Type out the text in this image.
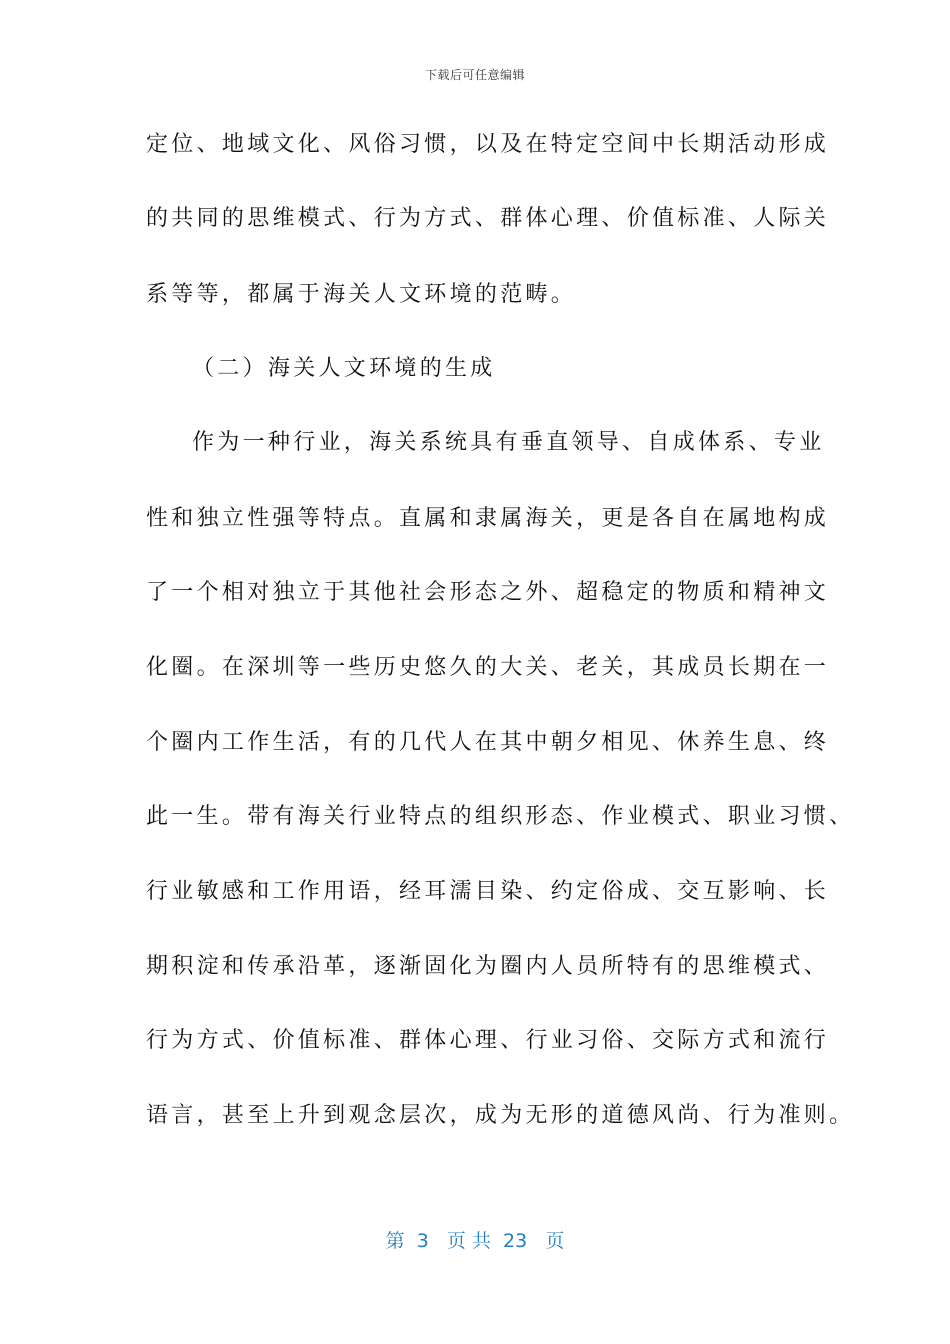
下载后可任意编辑
定位、地域文化、风俗习惯，以及在特定空间中长期活动形成
的共同的思维模式、行为方式、群体心理、价值标准、人际关
系等等，都属于海关人文环境的范畴。
（二）海关人文环境的生成
作为一种行业，海关系统具有垂直领导、自成体系、专业
性和独立性强等特点。直属和隶属海关，更是各自在属地构成
了一个相对独立于其他社会形态之外、超稳定的物质和精神文
化圈。在深圳等一些历史悠久的大关、老关，其成员长期在一
个圈内工作生活，有的几代人在其中朝夕相见、休养生息、终
此一生。带有海关行业特点的组织形态、作业模式、职业习惯、
行业敏感和工作用语，经耳濡目染、约定俗成、交互影响、长
期积淀和传承沿革，逐渐固化为圈内人员所特有的思维模式、
行为方式、价值标准、群体心理、行业习俗、交际方式和流行
语言，甚至上升到观念层次，成为无形的道德风尚、行为准则。
第  3   页 共  23   页
